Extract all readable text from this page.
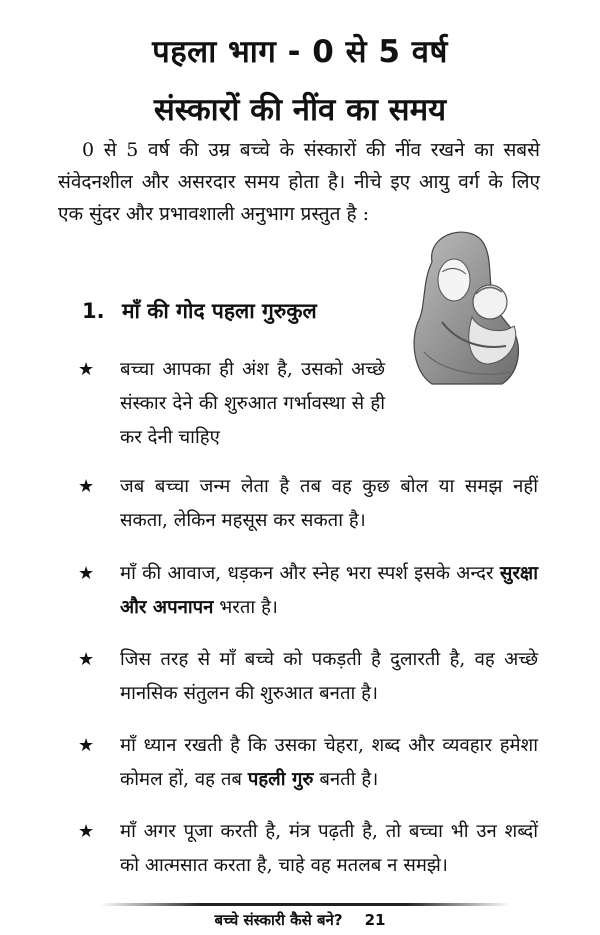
पहला भाग - 0 से 5 वर्ष
संस्कारों की नींव का समय
0 से 5 वर्ष की उम्र बच्चे के संस्कारों की नींव रखने का सबसे संवेदनशील और असरदार समय होता है। नीचे इए आयु वर्ग के लिए एक सुंदर और प्रभावशाली अनुभाग प्रस्तुत है :
1. माँ की गोद पहला गुरुकुल
★	बच्चा आपका ही अंश है, उसको अच्छे संस्कार देने की शुरुआत गर्भावस्था से ही कर देनी चाहिए
★	जब बच्चा जन्म लेता है तब वह कुछ बोल या समझ नहीं सकता, लेकिन महसूस कर सकता है।
★	माँ की आवाज, धड़कन और स्नेह भरा स्पर्श इसके अन्दर सुरक्षा और अपनापन भरता है।
★	जिस तरह से माँ बच्चे को पकड़ती है दुलारती है, वह अच्छे मानसिक संतुलन की शुरुआत बनता है।
★	माँ ध्यान रखती है कि उसका चेहरा, शब्द और व्यवहार हमेशा कोमल हों, वह तब पहली गुरु बनती है।
★	माँ अगर पूजा करती है, मंत्र पढ़ती है, तो बच्चा भी उन शब्दों को आत्मसात करता है, चाहे वह मतलब न समझे।
बच्चे संस्कारी कैसे बने? 21
